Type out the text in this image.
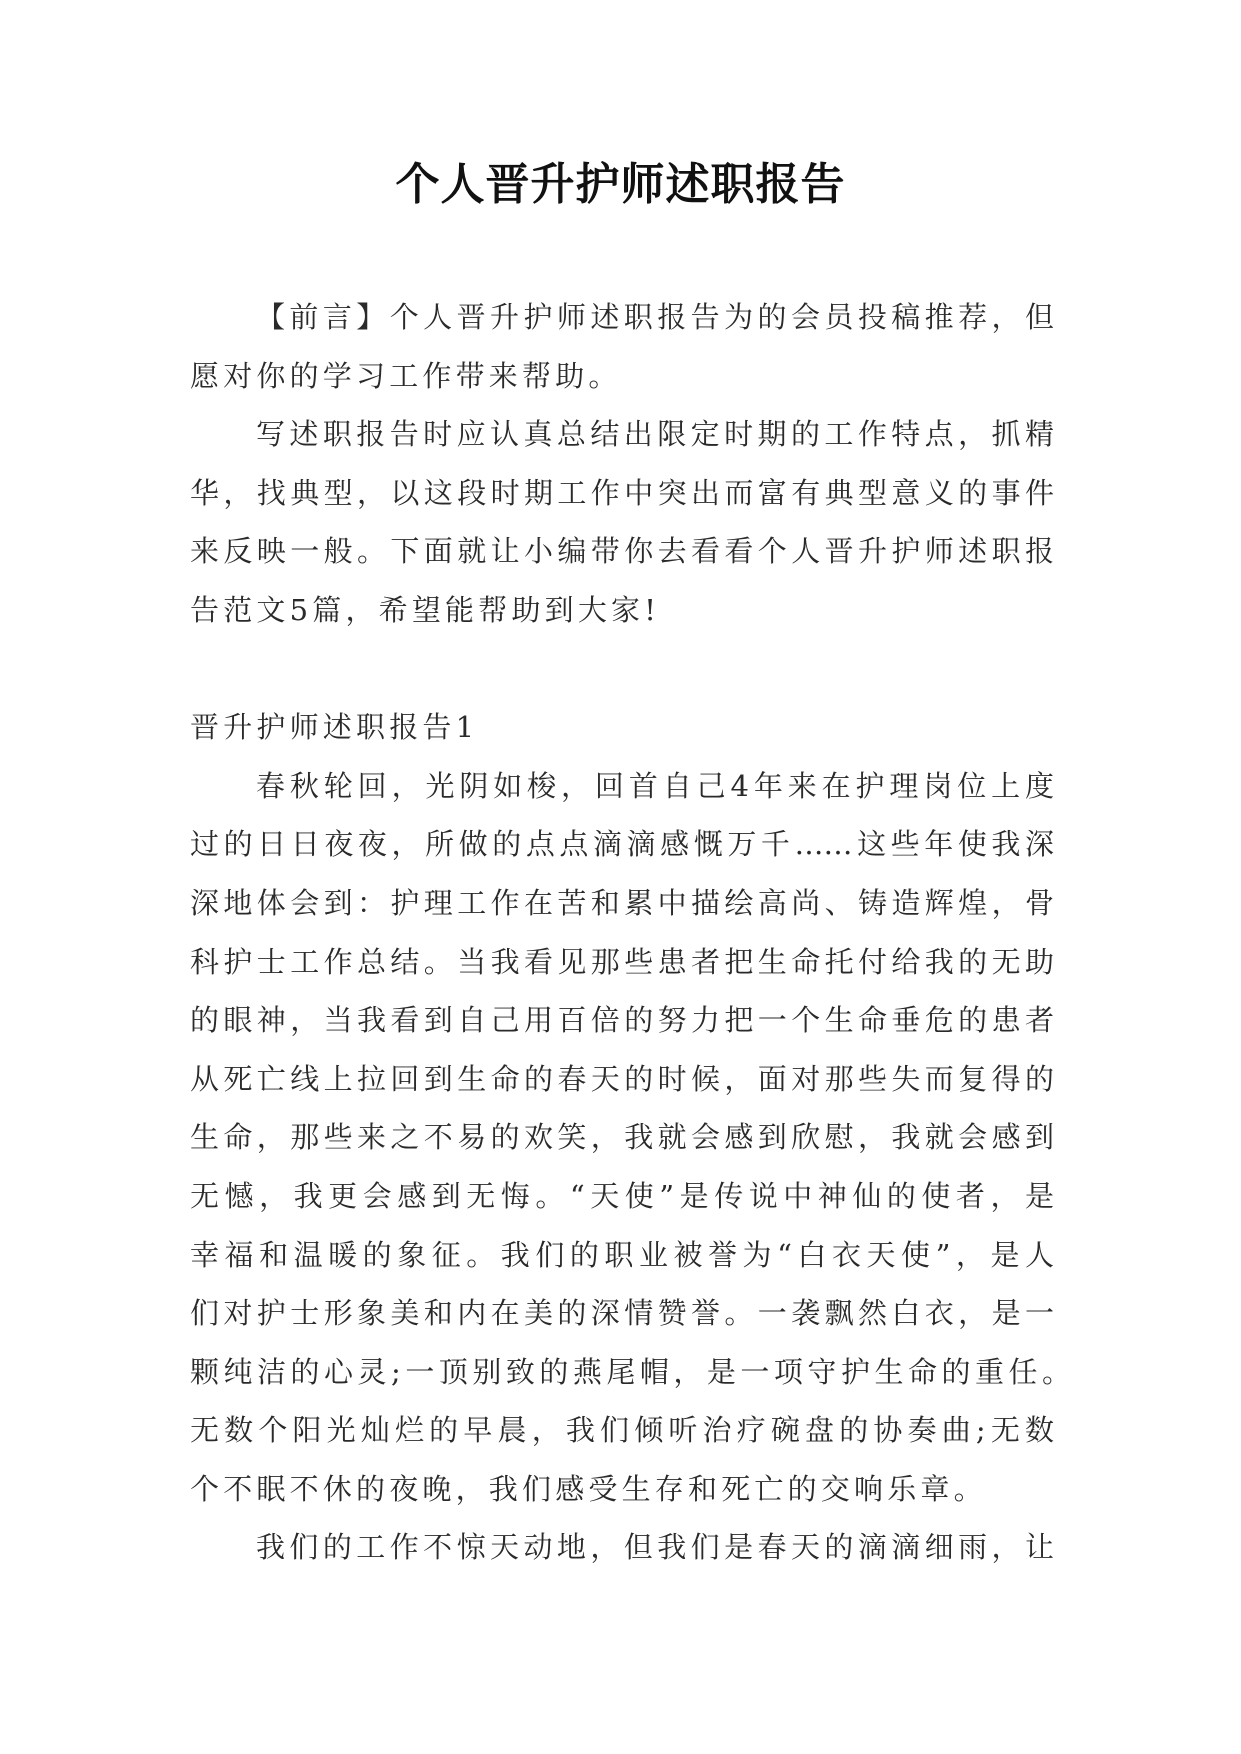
个人晋升护师述职报告
【前言】个人晋升护师述职报告为的会员投稿推荐，但
愿对你的学习工作带来帮助。
写述职报告时应认真总结出限定时期的工作特点，抓精
华，找典型，以这段时期工作中突出而富有典型意义的事件
来反映一般。下面就让小编带你去看看个人晋升护师述职报
告范文5篇，希望能帮助到大家!
晋升护师述职报告1
春秋轮回，光阴如梭，回首自己4年来在护理岗位上度
过的日日夜夜，所做的点点滴滴感慨万千……这些年使我深
深地体会到：护理工作在苦和累中描绘高尚、铸造辉煌，骨
科护士工作总结。当我看见那些患者把生命托付给我的无助
的眼神，当我看到自己用百倍的努力把一个生命垂危的患者
从死亡线上拉回到生命的春天的时候，面对那些失而复得的
生命，那些来之不易的欢笑，我就会感到欣慰，我就会感到
无憾，我更会感到无悔。“天使”是传说中神仙的使者，是
幸福和温暖的象征。我们的职业被誉为“白衣天使”，是人
们对护士形象美和内在美的深情赞誉。一袭飘然白衣，是一
颗纯洁的心灵;一顶别致的燕尾帽，是一项守护生命的重任。
无数个阳光灿烂的早晨，我们倾听治疗碗盘的协奏曲;无数
个不眠不休的夜晚，我们感受生存和死亡的交响乐章。
我们的工作不惊天动地，但我们是春天的滴滴细雨，让
